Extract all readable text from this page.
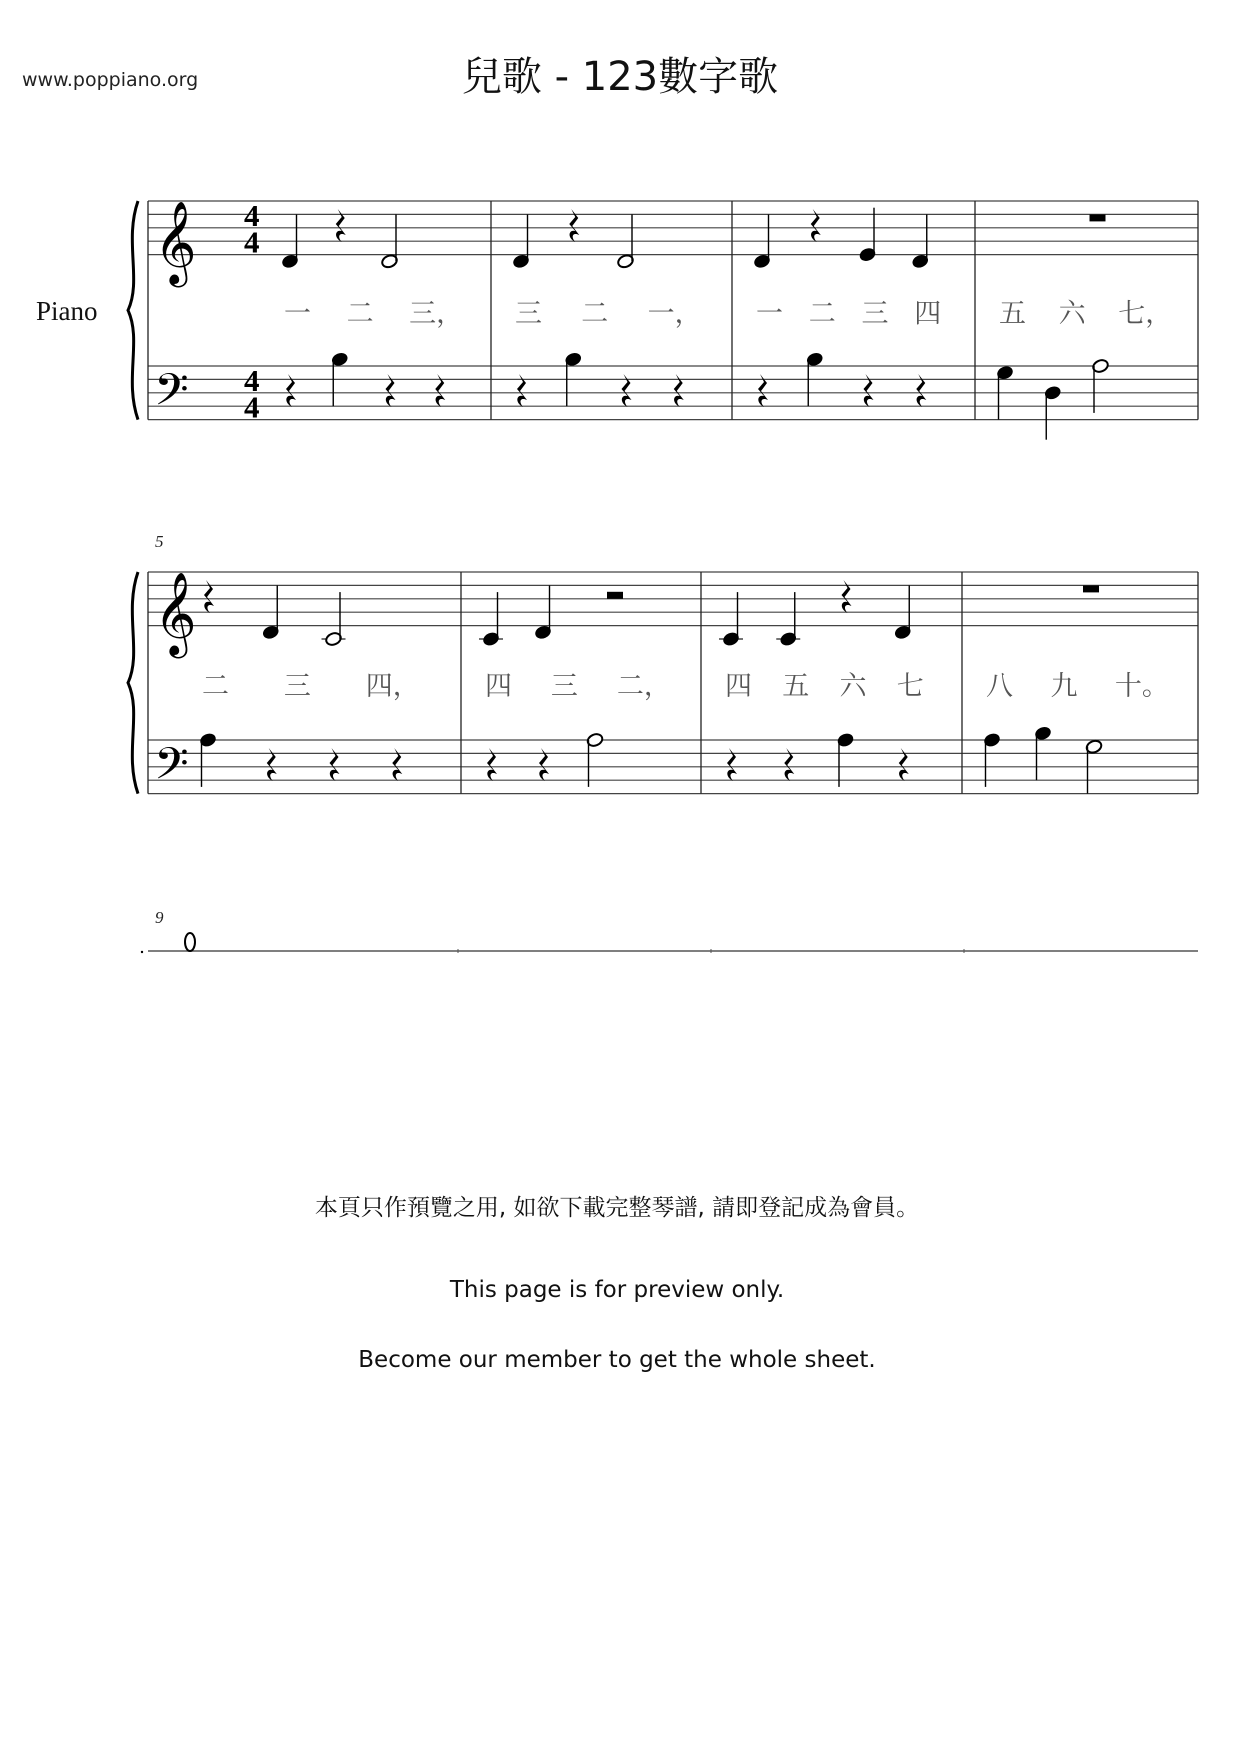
www.poppiano.org	兒歌 - 123數字歌
Piano
5
9
𝄞
𝄢
4
4
4
4
一 二 三， 三 二 一， 一 二 三 四 五 六 七，
𝄞
𝄢
二 三 四， 四 三 二， 四 五 六 七 八 九 十。
本頁只作預覽之用, 如欲下載完整琴譜, 請即登記成為會員。
This page is for preview only.
Become our member to get the whole sheet.
